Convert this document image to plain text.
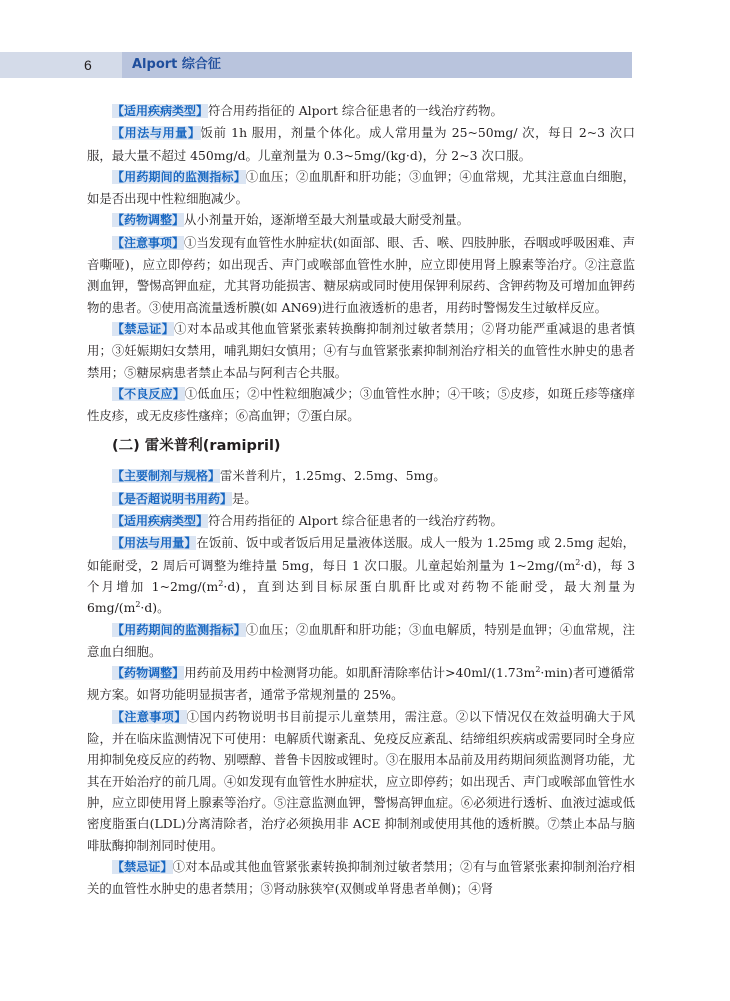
6	Alport 综合征

【适用疾病类型】符合用药指征的 Alport 综合征患者的一线治疗药物。

【用法与用量】饭前 1h 服用，剂量个体化。成人常用量为 25~50mg/ 次，每日 2~3 次口服，最大量不超过 450mg/d。儿童剂量为 0.3~5mg/(kg·d)，分 2~3 次口服。

【用药期间的监测指标】①血压；②血肌酐和肝功能；③血钾；④血常规，尤其注意血白细胞，如是否出现中性粒细胞减少。

【药物调整】从小剂量开始，逐渐增至最大剂量或最大耐受剂量。

【注意事项】①当发现有血管性水肿症状(如面部、眼、舌、喉、四肢肿胀，吞咽或呼吸困难、声音嘶哑)，应立即停药；如出现舌、声门或喉部血管性水肿，应立即使用肾上腺素等治疗。②注意监测血钾，警惕高钾血症，尤其肾功能损害、糖尿病或同时使用保钾利尿药、含钾药物及可增加血钾药物的患者。③使用高流量透析膜(如 AN69)进行血液透析的患者，用药时警惕发生过敏样反应。

【禁忌证】①对本品或其他血管紧张素转换酶抑制剂过敏者禁用；②肾功能严重减退的患者慎用；③妊娠期妇女禁用，哺乳期妇女慎用；④有与血管紧张素抑制剂治疗相关的血管性水肿史的患者禁用；⑤糖尿病患者禁止本品与阿利吉仑共服。

【不良反应】①低血压；②中性粒细胞减少；③血管性水肿；④干咳；⑤皮疹，如斑丘疹等瘙痒性皮疹，或无皮疹性瘙痒；⑥高血钾；⑦蛋白尿。

(二) 雷米普利(ramipril)

【主要制剂与规格】雷米普利片，1.25mg、2.5mg、5mg。

【是否超说明书用药】是。

【适用疾病类型】符合用药指征的 Alport 综合征患者的一线治疗药物。

【用法与用量】在饭前、饭中或者饭后用足量液体送服。成人一般为 1.25mg 或 2.5mg 起始，如能耐受，2 周后可调整为维持量 5mg，每日 1 次口服。儿童起始剂量为 $1\sim 2mg/(m^2\cdot d)$，每 3 个月增加 $1\sim 2mg/(m^2\cdot d)$，直到达到目标尿蛋白肌酐比或对药物不能耐受，最大剂量为 $6mg/(m^2\cdot d)$。

【用药期间的监测指标】①血压；②血肌酐和肝功能；③血电解质，特别是血钾；④血常规，注意血白细胞。

【药物调整】用药前及用药中检测肾功能。如肌酐清除率估计$>40ml/(1.73m^2\cdot\min)$者可遵循常规方案。如肾功能明显损害者，通常予常规剂量的 25%。

【注意事项】①国内药物说明书目前提示儿童禁用，需注意。②以下情况仅在效益明确大于风险，并在临床监测情况下可使用：电解质代谢紊乱、免疫反应紊乱、结缔组织疾病或需要同时全身应用抑制免疫反应的药物、别嘌醇、普鲁卡因胺或锂时。③在服用本品前及用药期间须监测肾功能，尤其在开始治疗的前几周。④如发现有血管性水肿症状，应立即停药；如出现舌、声门或喉部血管性水肿，应立即使用肾上腺素等治疗。⑤注意监测血钾，警惕高钾血症。⑥必须进行透析、血液过滤或低密度脂蛋白(LDL)分离清除者，治疗必须换用非 ACE 抑制剂或使用其他的透析膜。⑦禁止本品与脑啡肽酶抑制剂同时使用。

【禁忌证】①对本品或其他血管紧张素转换抑制剂过敏者禁用；②有与血管紧张素抑制剂治疗相关的血管性水肿史的患者禁用；③肾动脉狭窄(双侧或单肾患者单侧)；④肾
